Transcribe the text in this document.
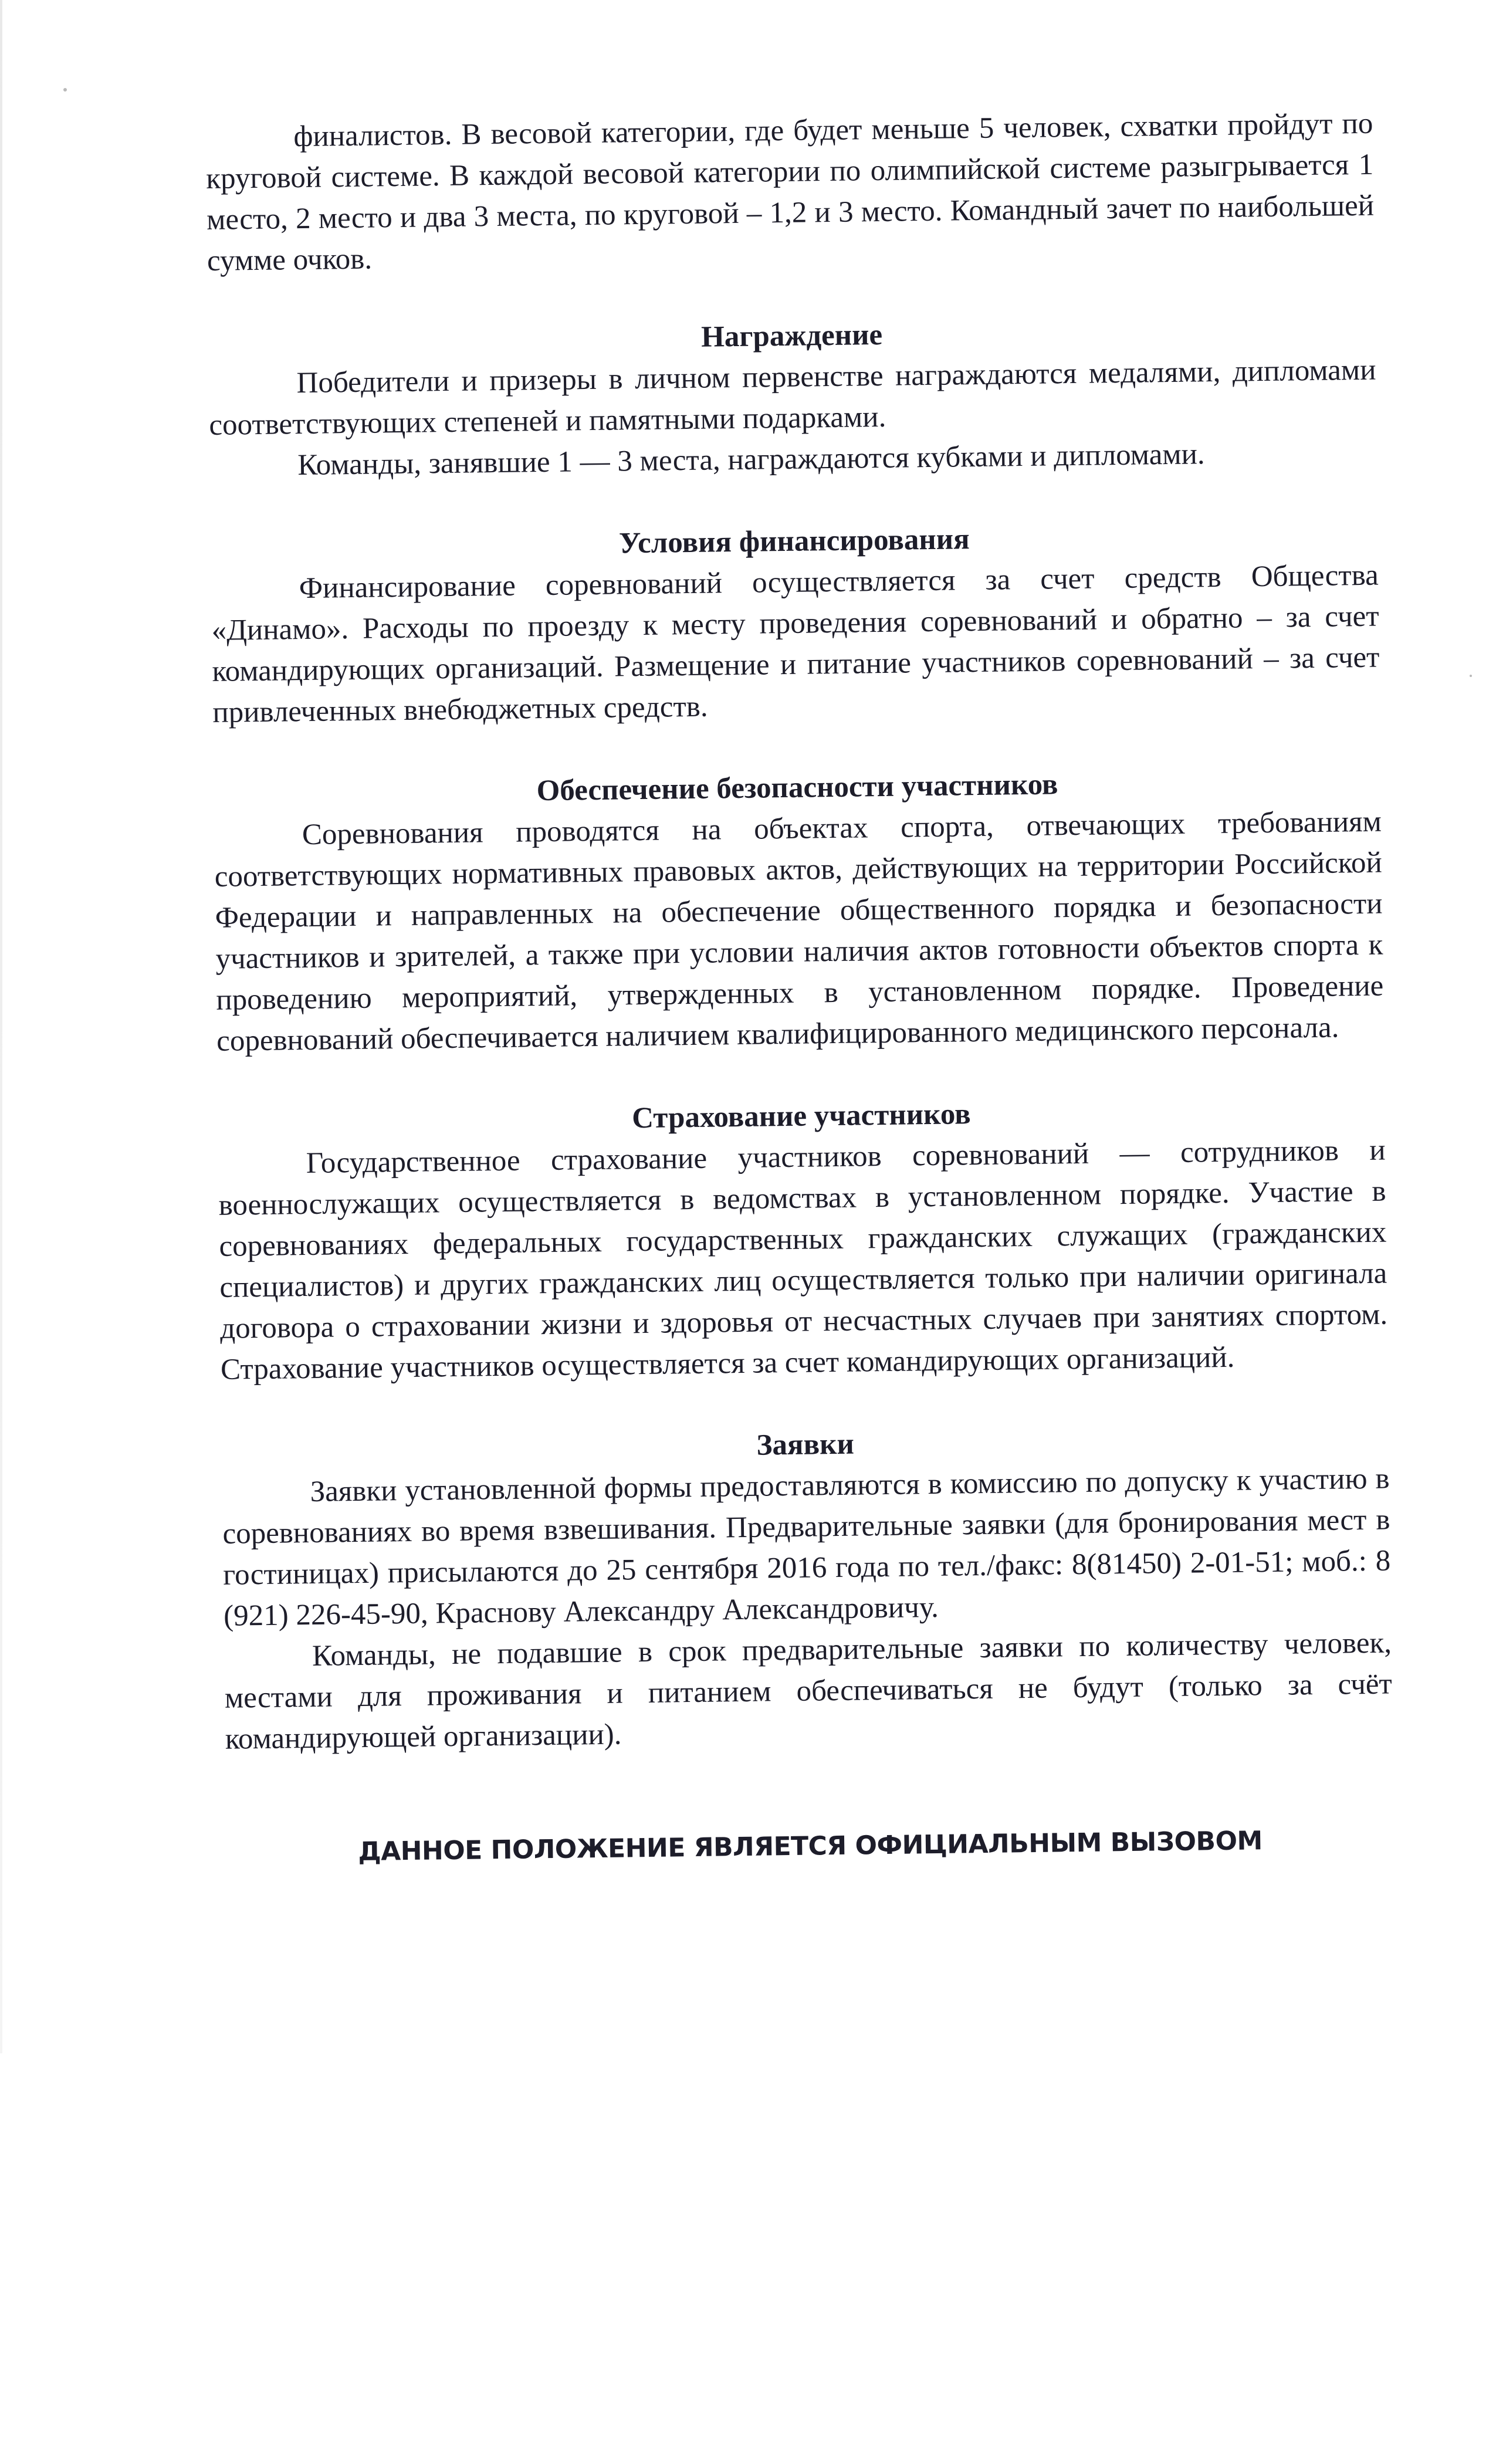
финалистов. В весовой категории, где будет меньше 5 человек, схватки пройдут по круговой системе. В каждой весовой категории по олимпийской системе разыгрывается 1 место, 2 место и два 3 места, по круговой – 1,2 и 3 место. Командный зачет по наибольшей сумме очков.

Награждение

Победители и призеры в личном первенстве награждаются медалями, дипломами соответствующих степеней и памятными подарками.

Команды, занявшие 1 — 3 места, награждаются кубками и дипломами.

Условия финансирования

Финансирование соревнований осуществляется за счет средств Общества «Динамо». Расходы по проезду к месту проведения соревнований и обратно – за счет командирующих организаций. Размещение и питание участников соревнований – за счет привлеченных внебюджетных средств.

Обеспечение безопасности участников

Соревнования проводятся на объектах спорта, отвечающих требованиям соответствующих нормативных правовых актов, действующих на территории Российской Федерации и направленных на обеспечение общественного порядка и безопасности участников и зрителей, а также при условии наличия актов готовности объектов спорта к проведению мероприятий, утвержденных в установленном порядке. Проведение соревнований обеспечивается наличием квалифицированного медицинского персонала.

Страхование участников

Государственное страхование участников соревнований — сотрудников и военнослужащих осуществляется в ведомствах в установленном порядке. Участие в соревнованиях федеральных государственных гражданских служащих (гражданских специалистов) и других гражданских лиц осуществляется только при наличии оригинала договора о страховании жизни и здоровья от несчастных случаев при занятиях спортом. Страхование участников осуществляется за счет командирующих организаций.

Заявки

Заявки установленной формы предоставляются в комиссию по допуску к участию в соревнованиях во время взвешивания. Предварительные заявки (для бронирования мест в гостиницах) присылаются до 25 сентября 2016 года по тел./факс: 8(81450) 2-01-51; моб.: 8 (921) 226-45-90, Краснову Александру Александровичу.

Команды, не подавшие в срок предварительные заявки по количеству человек, местами для проживания и питанием обеспечиваться не будут (только за счёт командирующей организации).

ДАННОЕ ПОЛОЖЕНИЕ ЯВЛЯЕТСЯ ОФИЦИАЛЬНЫМ ВЫЗОВОМ
